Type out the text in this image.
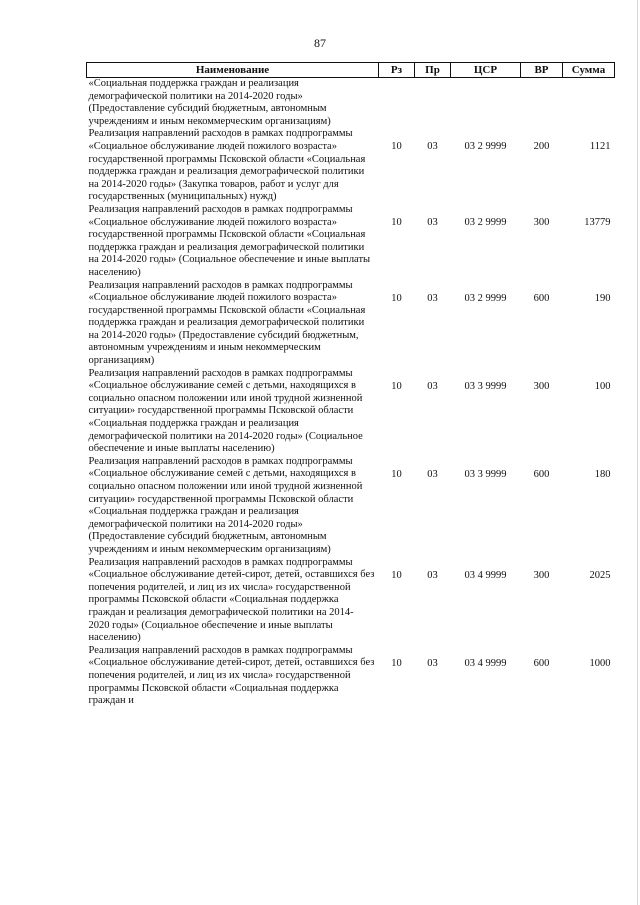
87
Наименование	Рз	Пр	ЦСР	ВР	Сумма
«Социальная поддержка граждан и реализация демографической политики на 2014-2020 годы» (Предоставление субсидий бюджетным, автономным учреждениям и иным некоммерческим организациям)					
Реализация направлений расходов в рамках подпрограммы «Социальное обслуживание людей пожилого возраста» государственной программы Псковской области «Социальная поддержка граждан и реализация демографической политики на 2014-2020 годы» (Закупка товаров, работ и услуг для государственных (муниципальных) нужд)	10	03	03 2 9999	200	1121
Реализация направлений расходов в рамках подпрограммы «Социальное обслуживание людей пожилого возраста» государственной программы Псковской области «Социальная поддержка граждан и реализация демографической политики на 2014-2020 годы» (Социальное обеспечение и иные выплаты населению)	10	03	03 2 9999	300	13779
Реализация направлений расходов в рамках подпрограммы «Социальное обслуживание людей пожилого возраста» государственной программы Псковской области «Социальная поддержка граждан и реализация демографической политики на 2014-2020 годы» (Предоставление субсидий бюджетным, автономным учреждениям и иным некоммерческим организациям)	10	03	03 2 9999	600	190
Реализация направлений расходов в рамках подпрограммы «Социальное обслуживание семей с детьми, находящихся в социально опасном положении или иной трудной жизненной ситуации» государственной программы Псковской области «Социальная поддержка граждан и реализация демографической политики на 2014-2020 годы» (Социальное обеспечение и иные выплаты населению)	10	03	03 3 9999	300	100
Реализация направлений расходов в рамках подпрограммы «Социальное обслуживание семей с детьми, находящихся в социально опасном положении или иной трудной жизненной ситуации» государственной программы Псковской области «Социальная поддержка граждан и реализация демографической политики на 2014-2020 годы» (Предоставление субсидий бюджетным, автономным учреждениям и иным некоммерческим организациям)	10	03	03 3 9999	600	180
Реализация направлений расходов в рамках подпрограммы «Социальное обслуживание детей-сирот, детей, оставшихся без попечения родителей, и лиц из их числа» государственной программы Псковской области «Социальная поддержка граждан и реализация демографической политики на 2014-2020 годы» (Социальное обеспечение и иные выплаты населению)	10	03	03 4 9999	300	2025
Реализация направлений расходов в рамках подпрограммы «Социальное обслуживание детей-сирот, детей, оставшихся без попечения родителей, и лиц из их числа» государственной программы Псковской области «Социальная поддержка граждан и	10	03	03 4 9999	600	1000
